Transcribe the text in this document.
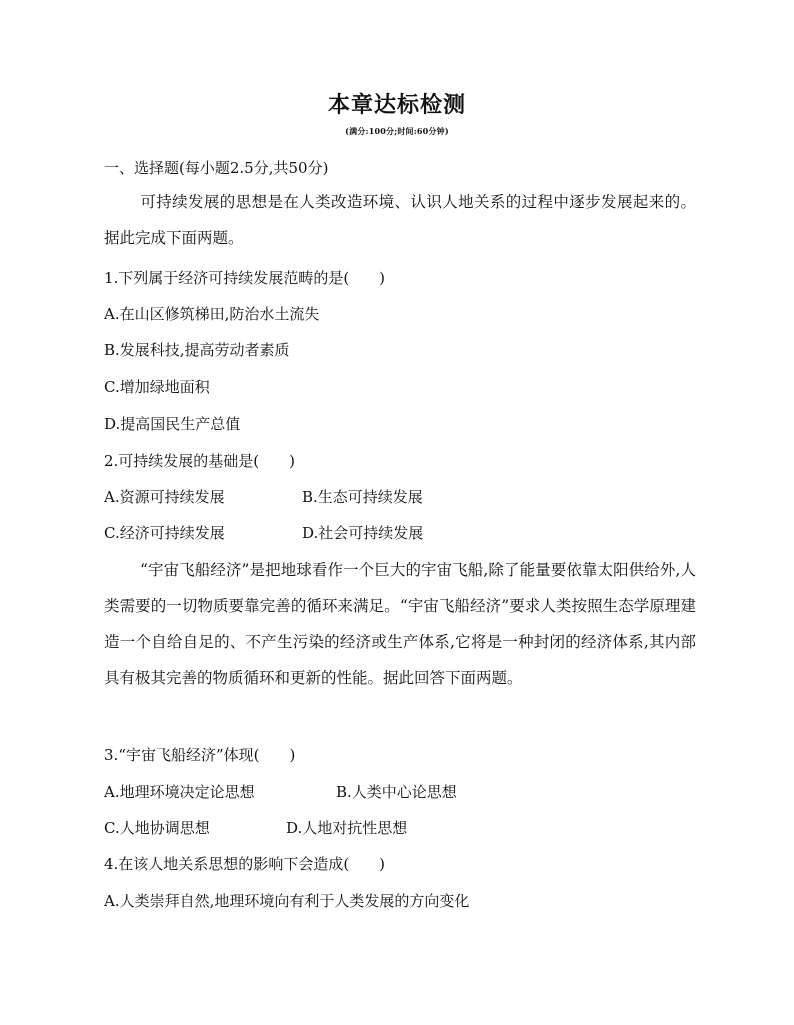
本章达标检测
(满分:100分;时间:60分钟)
一、选择题(每小题2.5分,共50分)
可持续发展的思想是在人类改造环境、认识人地关系的过程中逐步发展起来的。据此完成下面两题。
1.下列属于经济可持续发展范畴的是(　　)
A.在山区修筑梯田,防治水土流失
B.发展科技,提高劳动者素质
C.增加绿地面积
D.提高国民生产总值
2.可持续发展的基础是(　　)
A.资源可持续发展	B.生态可持续发展
C.经济可持续发展	D.社会可持续发展
“宇宙飞船经济”是把地球看作一个巨大的宇宙飞船,除了能量要依靠太阳供给外,人类需要的一切物质要靠完善的循环来满足。“宇宙飞船经济”要求人类按照生态学原理建造一个自给自足的、不产生污染的经济或生产体系,它将是一种封闭的经济体系,其内部具有极其完善的物质循环和更新的性能。据此回答下面两题。
3.“宇宙飞船经济”体现(　　)
A.地理环境决定论思想	B.人类中心论思想
C.人地协调思想	D.人地对抗性思想
4.在该人地关系思想的影响下会造成(　　)
A.人类崇拜自然,地理环境向有利于人类发展的方向变化
